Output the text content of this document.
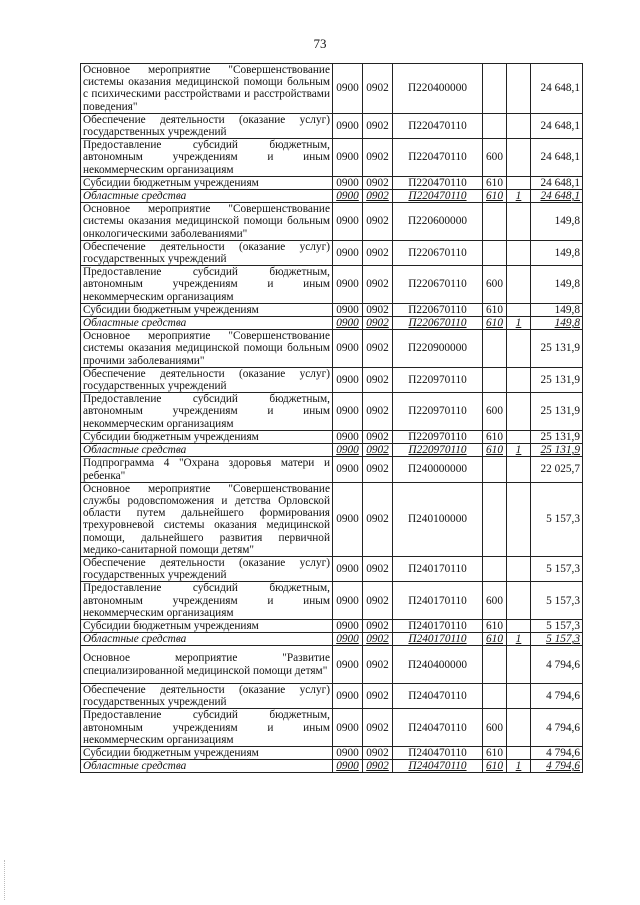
73
Основное мероприятие "Совершенствование системы оказания медицинской помощи больным с психическими расстройствами и расстройствами поведения"	0900	0902	П220400000			24 648,1
Обеспечение деятельности (оказание услуг) государственных учреждений	0900	0902	П220470110			24 648,1
Предоставление субсидий бюджетным, автономным учреждениям и иным некоммерческим организациям	0900	0902	П220470110	600		24 648,1
Субсидии бюджетным учреждениям	0900	0902	П220470110	610		24 648,1
Областные средства	0900	0902	П220470110	610	1	24 648,1
Основное мероприятие "Совершенствование системы оказания медицинской помощи больным онкологическими заболеваниями"	0900	0902	П220600000			149,8
Обеспечение деятельности (оказание услуг) государственных учреждений	0900	0902	П220670110			149,8
Предоставление субсидий бюджетным, автономным учреждениям и иным некоммерческим организациям	0900	0902	П220670110	600		149,8
Субсидии бюджетным учреждениям	0900	0902	П220670110	610		149,8
Областные средства	0900	0902	П220670110	610	1	149,8
Основное мероприятие "Совершенствование системы оказания медицинской помощи больным прочими заболеваниями"	0900	0902	П220900000			25 131,9
Обеспечение деятельности (оказание услуг) государственных учреждений	0900	0902	П220970110			25 131,9
Предоставление субсидий бюджетным, автономным учреждениям и иным некоммерческим организациям	0900	0902	П220970110	600		25 131,9
Субсидии бюджетным учреждениям	0900	0902	П220970110	610		25 131,9
Областные средства	0900	0902	П220970110	610	1	25 131,9
Подпрограмма 4 "Охрана здоровья матери и ребенка"	0900	0902	П240000000			22 025,7
Основное мероприятие "Совершенствование службы родовспоможения и детства Орловской области путем дальнейшего формирования трехуровневой системы оказания медицинской помощи, дальнейшего развития первичной медико-санитарной помощи детям"	0900	0902	П240100000			5 157,3
Обеспечение деятельности (оказание услуг) государственных учреждений	0900	0902	П240170110			5 157,3
Предоставление субсидий бюджетным, автономным учреждениям и иным некоммерческим организациям	0900	0902	П240170110	600		5 157,3
Субсидии бюджетным учреждениям	0900	0902	П240170110	610		5 157,3
Областные средства	0900	0902	П240170110	610	1	5 157,3
Основное мероприятие "Развитие специализированной медицинской помощи детям"	0900	0902	П240400000			4 794,6
Обеспечение деятельности (оказание услуг) государственных учреждений	0900	0902	П240470110			4 794,6
Предоставление субсидий бюджетным, автономным учреждениям и иным некоммерческим организациям	0900	0902	П240470110	600		4 794,6
Субсидии бюджетным учреждениям	0900	0902	П240470110	610		4 794,6
Областные средства	0900	0902	П240470110	610	1	4 794,6
